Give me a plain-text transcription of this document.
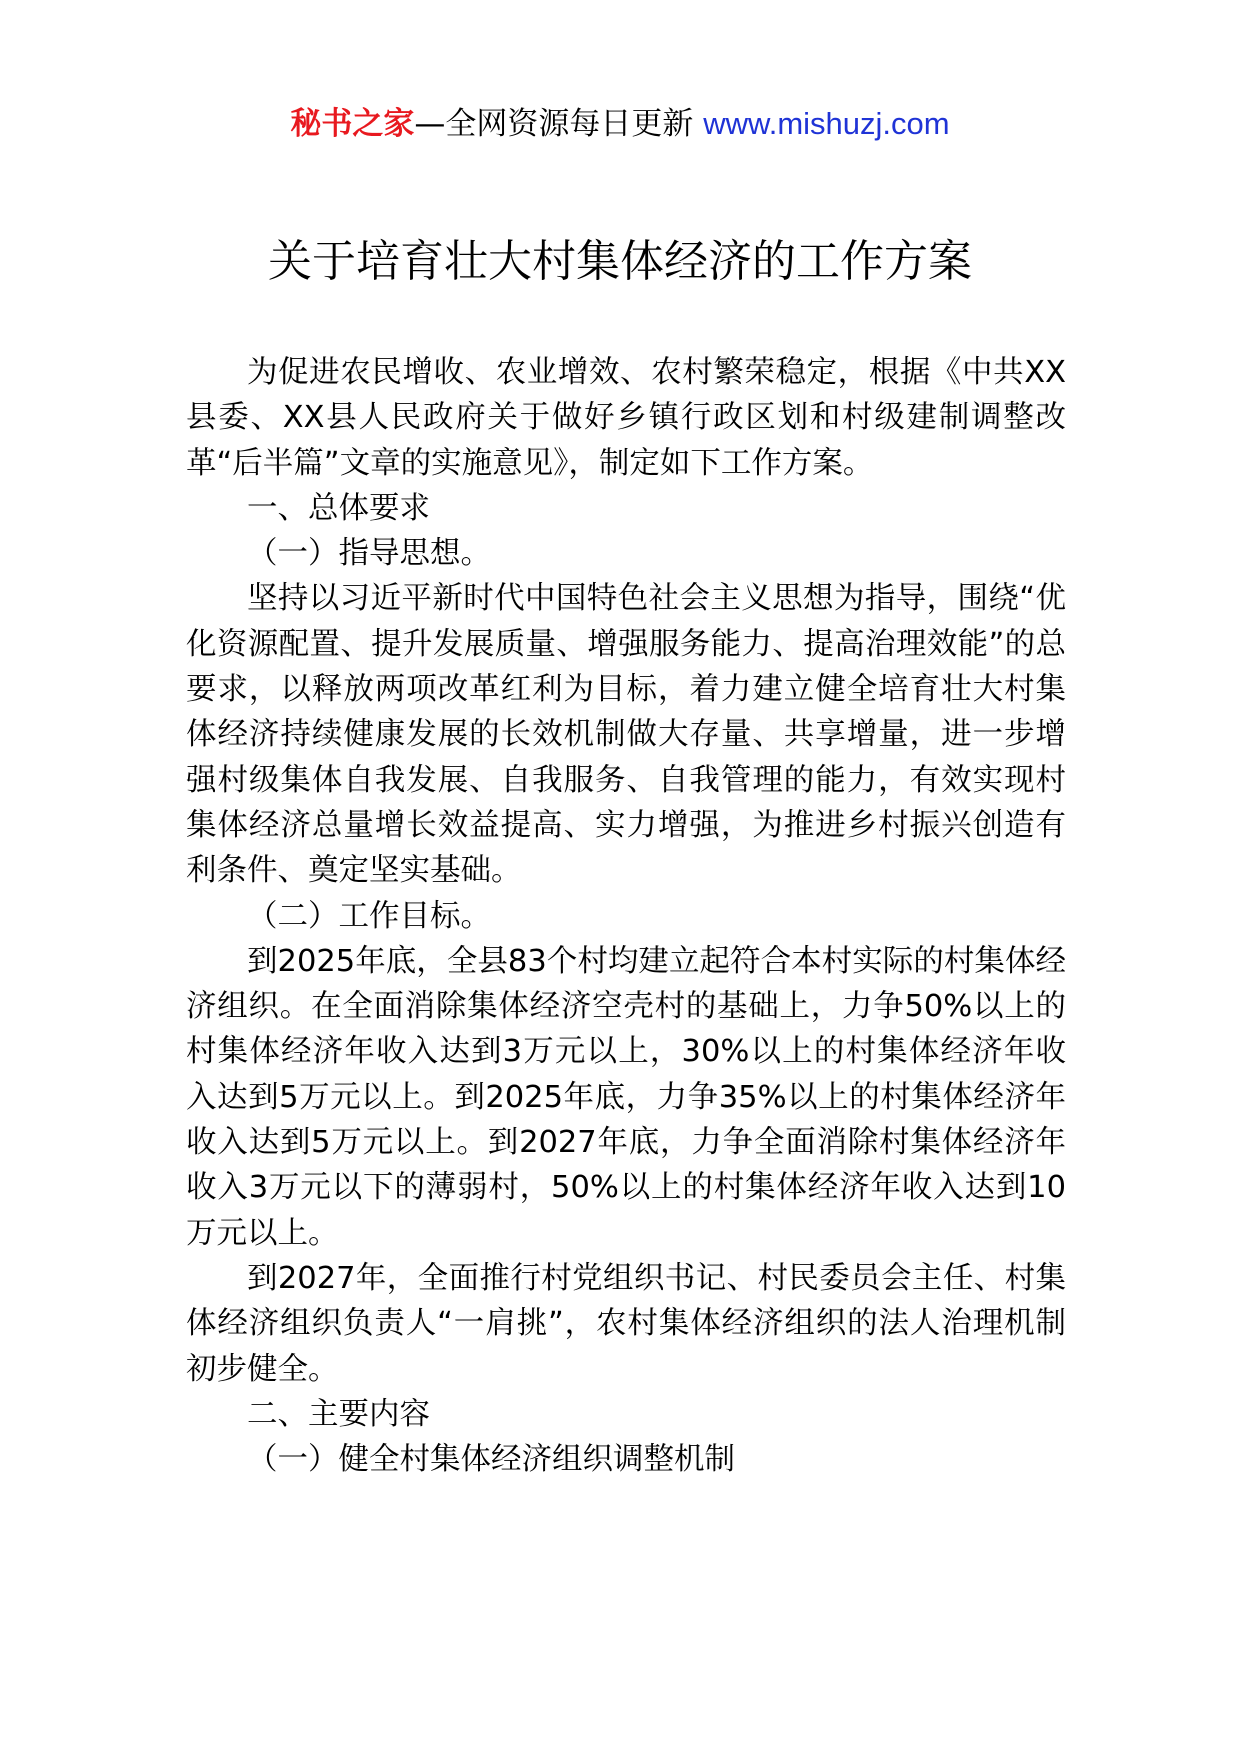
秘书之家—全网资源每日更新 www.mishuzj.com
关于培育壮大村集体经济的工作方案

为促进农民增收、农业增效、农村繁荣稳定，根据《中共XX县委、XX县人民政府关于做好乡镇行政区划和村级建制调整改革“后半篇”文章的实施意见》，制定如下工作方案。

一、总体要求

（一）指导思想。

坚持以习近平新时代中国特色社会主义思想为指导，围绕“优化资源配置、提升发展质量、增强服务能力、提高治理效能”的总要求，以释放两项改革红利为目标，着力建立健全培育壮大村集体经济持续健康发展的长效机制做大存量、共享增量，进一步增强村级集体自我发展、自我服务、自我管理的能力，有效实现村集体经济总量增长效益提高、实力增强，为推进乡村振兴创造有利条件、奠定坚实基础。

（二）工作目标。

到2025年底，全县83个村均建立起符合本村实际的村集体经济组织。在全面消除集体经济空壳村的基础上，力争50%以上的村集体经济年收入达到3万元以上，30%以上的村集体经济年收入达到5万元以上。到2025年底，力争35%以上的村集体经济年收入达到5万元以上。到2027年底，力争全面消除村集体经济年收入3万元以下的薄弱村，50%以上的村集体经济年收入达到10万元以上。

到2027年，全面推行村党组织书记、村民委员会主任、村集体经济组织负责人“一肩挑”，农村集体经济组织的法人治理机制初步健全。

二、主要内容

（一）健全村集体经济组织调整机制
